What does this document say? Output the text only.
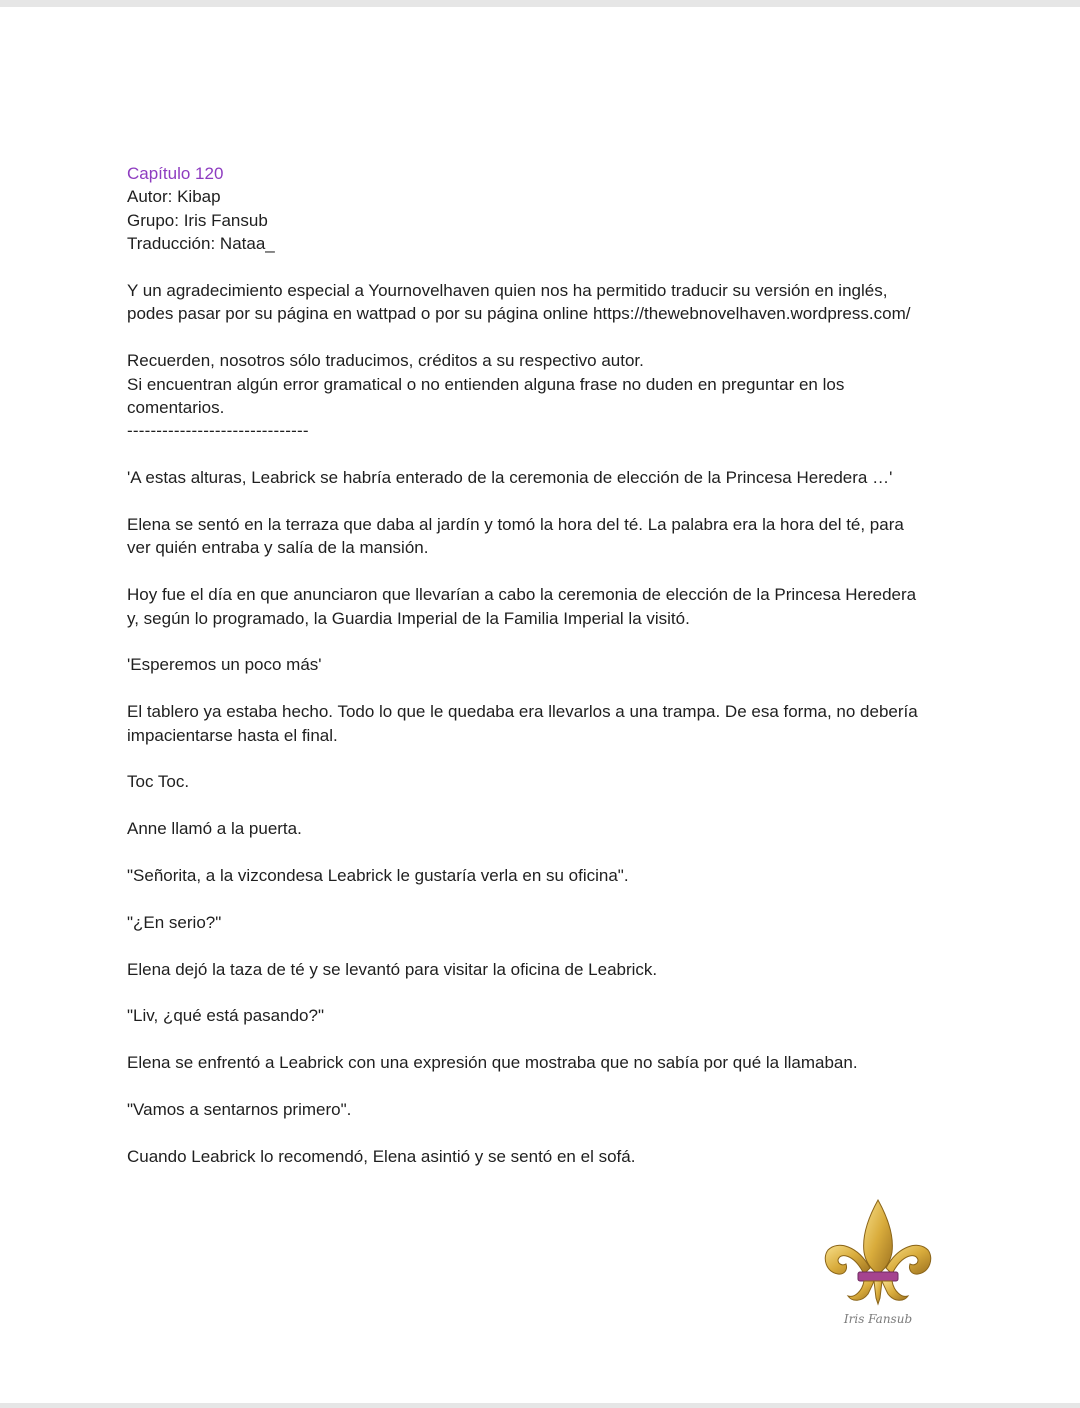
Capítulo 120

Autor: Kibap

Grupo: Iris Fansub

Traducción: Nataa_

Y un agradecimiento especial a Yournovelhaven quien nos ha permitido traducir su versión en inglés,

podes pasar por su página en wattpad o por su página online https://thewebnovelhaven.wordpress.com/

Recuerden, nosotros sólo traducimos, créditos a su respectivo autor.

Si encuentran algún error gramatical o no entienden alguna frase no duden en preguntar en los

comentarios.

-------------------------------

'A estas alturas, Leabrick se habría enterado de la ceremonia de elección de la Princesa Heredera …'

Elena se sentó en la terraza que daba al jardín y tomó la hora del té. La palabra era la hora del té, para

ver quién entraba y salía de la mansión.

Hoy fue el día en que anunciaron que llevarían a cabo la ceremonia de elección de la Princesa Heredera

y, según lo programado, la Guardia Imperial de la Familia Imperial la visitó.

'Esperemos un poco más'

El tablero ya estaba hecho. Todo lo que le quedaba era llevarlos a una trampa. De esa forma, no debería

impacientarse hasta el final.

Toc Toc.

Anne llamó a la puerta.

"Señorita, a la vizcondesa Leabrick le gustaría verla en su oficina".

"¿En serio?"

Elena dejó la taza de té y se levantó para visitar la oficina de Leabrick.

"Liv, ¿qué está pasando?"

Elena se enfrentó a Leabrick con una expresión que mostraba que no sabía por qué la llamaban.

"Vamos a sentarnos primero".

Cuando Leabrick lo recomendó, Elena asintió y se sentó en el sofá.

Iris Fansub
